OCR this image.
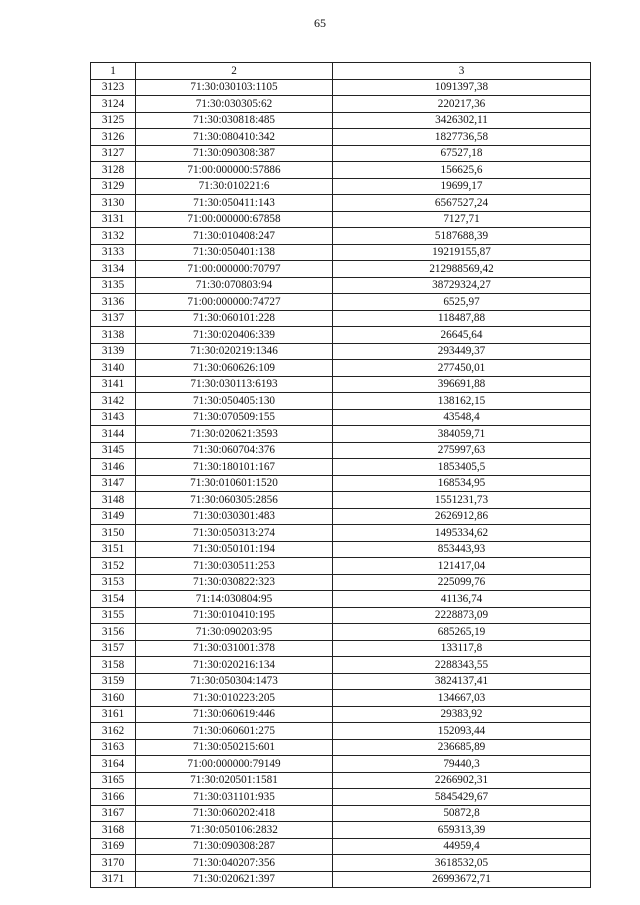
65
1	2	3
3123	71:30:030103:1105	1091397,38
3124	71:30:030305:62	220217,36
3125	71:30:030818:485	3426302,11
3126	71:30:080410:342	1827736,58
3127	71:30:090308:387	67527,18
3128	71:00:000000:57886	156625,6
3129	71:30:010221:6	19699,17
3130	71:30:050411:143	6567527,24
3131	71:00:000000:67858	7127,71
3132	71:30:010408:247	5187688,39
3133	71:30:050401:138	19219155,87
3134	71:00:000000:70797	212988569,42
3135	71:30:070803:94	38729324,27
3136	71:00:000000:74727	6525,97
3137	71:30:060101:228	118487,88
3138	71:30:020406:339	26645,64
3139	71:30:020219:1346	293449,37
3140	71:30:060626:109	277450,01
3141	71:30:030113:6193	396691,88
3142	71:30:050405:130	138162,15
3143	71:30:070509:155	43548,4
3144	71:30:020621:3593	384059,71
3145	71:30:060704:376	275997,63
3146	71:30:180101:167	1853405,5
3147	71:30:010601:1520	168534,95
3148	71:30:060305:2856	1551231,73
3149	71:30:030301:483	2626912,86
3150	71:30:050313:274	1495334,62
3151	71:30:050101:194	853443,93
3152	71:30:030511:253	121417,04
3153	71:30:030822:323	225099,76
3154	71:14:030804:95	41136,74
3155	71:30:010410:195	2228873,09
3156	71:30:090203:95	685265,19
3157	71:30:031001:378	133117,8
3158	71:30:020216:134	2288343,55
3159	71:30:050304:1473	3824137,41
3160	71:30:010223:205	134667,03
3161	71:30:060619:446	29383,92
3162	71:30:060601:275	152093,44
3163	71:30:050215:601	236685,89
3164	71:00:000000:79149	79440,3
3165	71:30:020501:1581	2266902,31
3166	71:30:031101:935	5845429,67
3167	71:30:060202:418	50872,8
3168	71:30:050106:2832	659313,39
3169	71:30:090308:287	44959,4
3170	71:30:040207:356	3618532,05
3171	71:30:020621:397	26993672,71
